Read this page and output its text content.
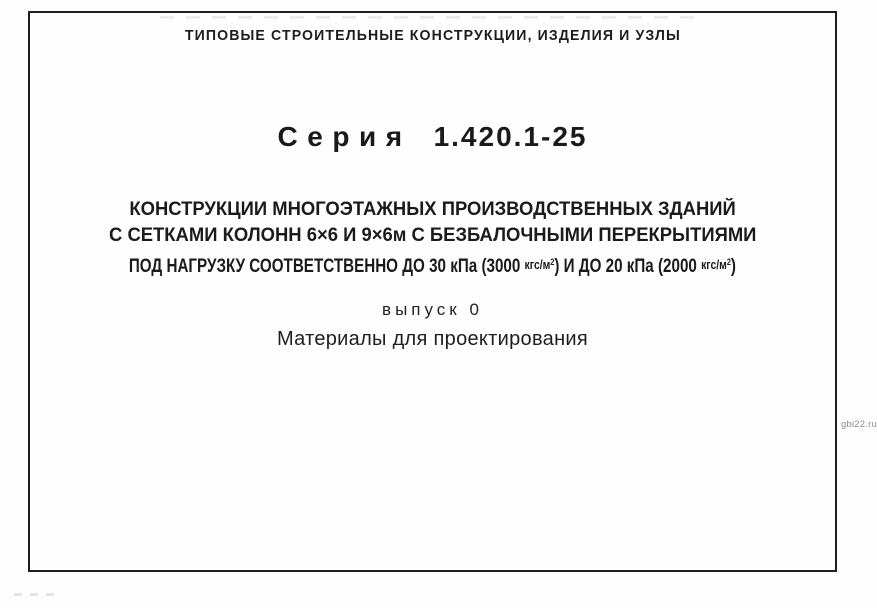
ТИПОВЫЕ СТРОИТЕЛЬНЫЕ КОНСТРУКЦИИ, ИЗДЕЛИЯ И УЗЛЫ
Серия 1.420.1-25
КОНСТРУКЦИИ МНОГОЭТАЖНЫХ ПРОИЗВОДСТВЕННЫХ ЗДАНИЙ
С СЕТКАМИ КОЛОНН 6×6 И 9×6м С БЕЗБАЛОЧНЫМИ ПЕРЕКРЫТИЯМИ
ПОД НАГРУЗКУ СООТВЕТСТВЕННО ДО 30 кПа (3000 кгс/$м^2$) И ДО 20 кПа (2000 кгс/$м^2$)
выпуск 0
Материалы для проектирования
gbi22.ru
